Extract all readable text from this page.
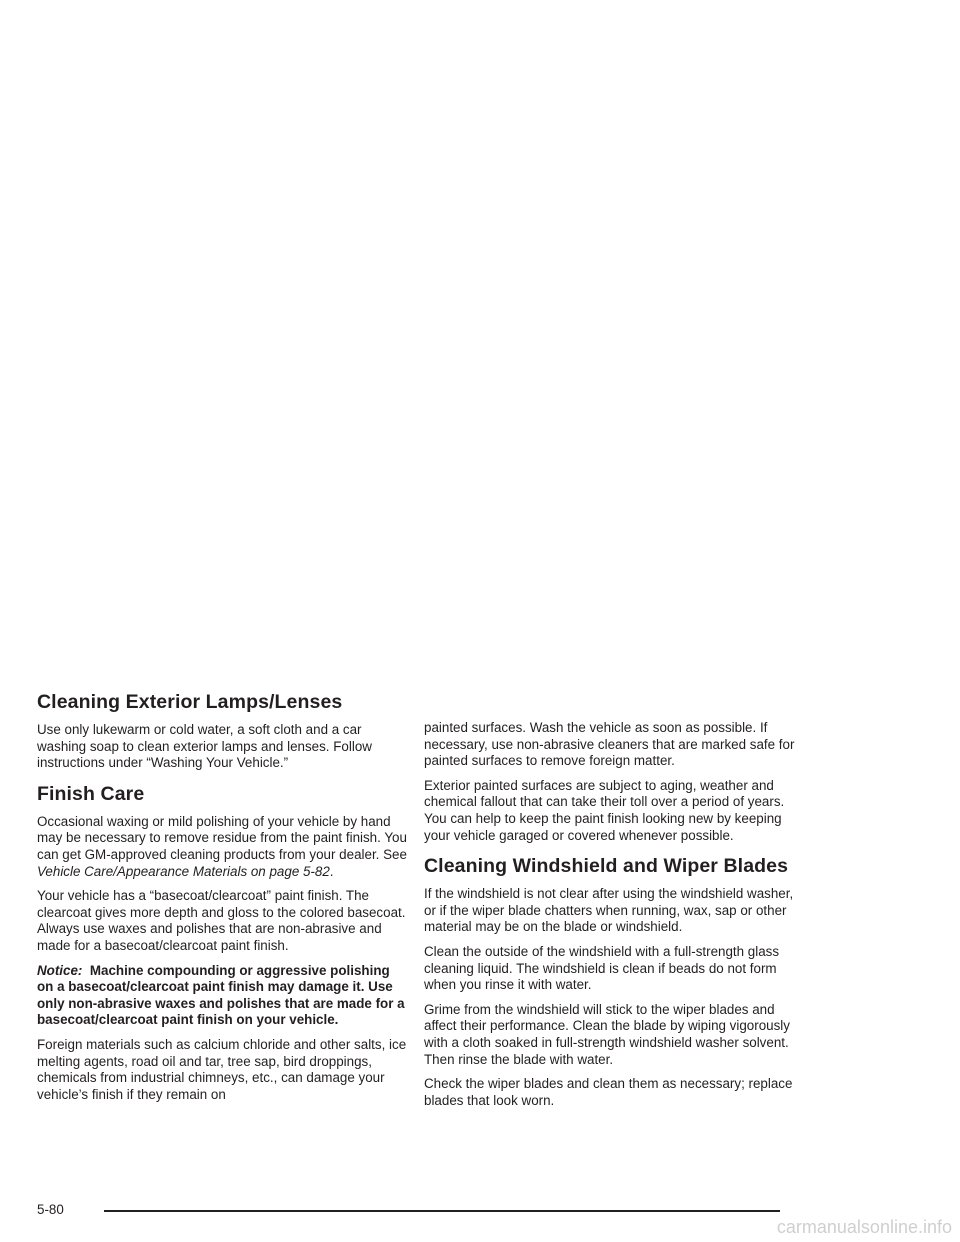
Cleaning Exterior Lamps/Lenses

Use only lukewarm or cold water, a soft cloth and a car washing soap to clean exterior lamps and lenses. Follow instructions under “Washing Your Vehicle.”

Finish Care

Occasional waxing or mild polishing of your vehicle by hand may be necessary to remove residue from the paint finish. You can get GM-approved cleaning products from your dealer. See Vehicle Care/Appearance Materials on page 5-82.

Your vehicle has a “basecoat/clearcoat” paint finish. The clearcoat gives more depth and gloss to the colored basecoat. Always use waxes and polishes that are non-abrasive and made for a basecoat/clearcoat paint finish.

Notice: Machine compounding or aggressive polishing on a basecoat/clearcoat paint finish may damage it. Use only non-abrasive waxes and polishes that are made for a basecoat/clearcoat paint finish on your vehicle.

Foreign materials such as calcium chloride and other salts, ice melting agents, road oil and tar, tree sap, bird droppings, chemicals from industrial chimneys, etc., can damage your vehicle’s finish if they remain on

painted surfaces. Wash the vehicle as soon as possible. If necessary, use non-abrasive cleaners that are marked safe for painted surfaces to remove foreign matter.

Exterior painted surfaces are subject to aging, weather and chemical fallout that can take their toll over a period of years. You can help to keep the paint finish looking new by keeping your vehicle garaged or covered whenever possible.

Cleaning Windshield and Wiper Blades

If the windshield is not clear after using the windshield washer, or if the wiper blade chatters when running, wax, sap or other material may be on the blade or windshield.

Clean the outside of the windshield with a full-strength glass cleaning liquid. The windshield is clean if beads do not form when you rinse it with water.

Grime from the windshield will stick to the wiper blades and affect their performance. Clean the blade by wiping vigorously with a cloth soaked in full-strength windshield washer solvent. Then rinse the blade with water.

Check the wiper blades and clean them as necessary; replace blades that look worn.

5-80
carmanualsonline.info
